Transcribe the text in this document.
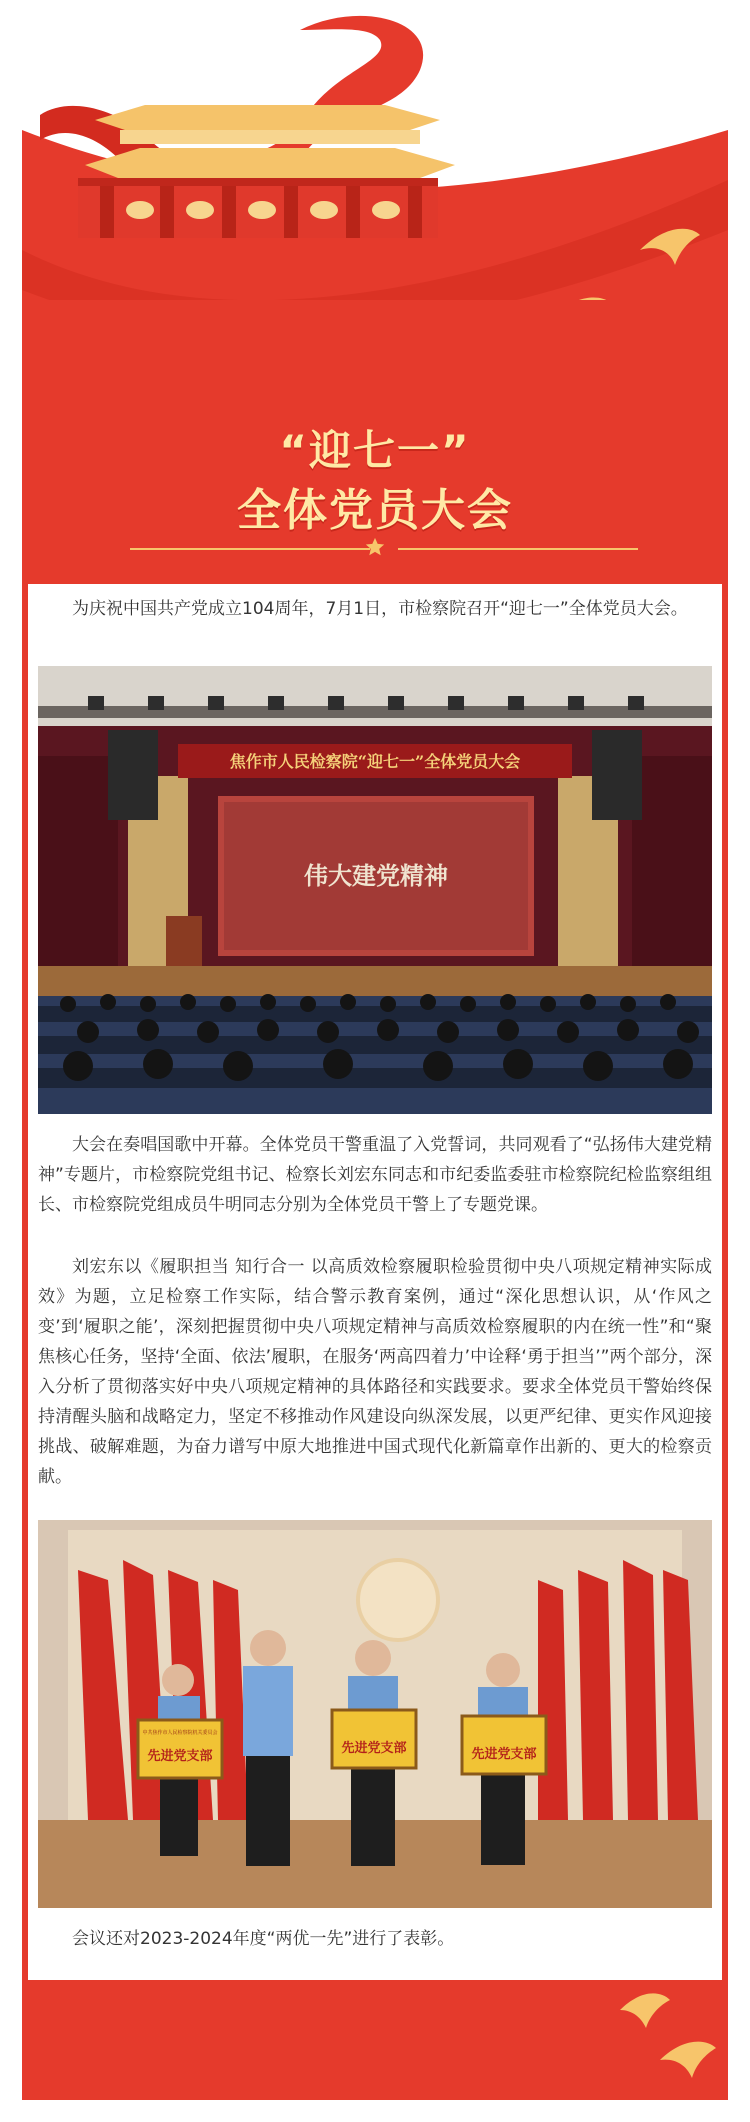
“迎七一”
全体党员大会

为庆祝中国共产党成立104周年，7月1日，市检察院召开“迎七一”全体党员大会。

焦作市人民检察院“迎七一”全体党员大会
伟大建党精神

大会在奏唱国歌中开幕。全体党员干警重温了入党誓词，共同观看了“弘扬伟大建党精神”专题片，市检察院党组书记、检察长刘宏东同志和市纪委监委驻市检察院纪检监察组组长、市检察院党组成员牛明同志分别为全体党员干警上了专题党课。

刘宏东以《履职担当 知行合一 以高质效检察履职检验贯彻中央八项规定精神实际成效》为题，立足检察工作实际，结合警示教育案例，通过“深化思想认识，从‘作风之变’到‘履职之能’，深刻把握贯彻中央八项规定精神与高质效检察履职的内在统一性”和“聚焦核心任务，坚持‘全面、依法’履职，在服务‘两高四着力’中诠释‘勇于担当’”两个部分，深入分析了贯彻落实好中央八项规定精神的具体路径和实践要求。要求全体党员干警始终保持清醒头脑和战略定力，坚定不移推动作风建设向纵深发展，以更严纪律、更实作风迎接挑战、破解难题，为奋力谱写中原大地推进中国式现代化新篇章作出新的、更大的检察贡献。

中共焦作市人民检察院机关委员会
先进党支部
先进党支部	先进党支部

会议还对2023-2024年度“两优一先”进行了表彰。
